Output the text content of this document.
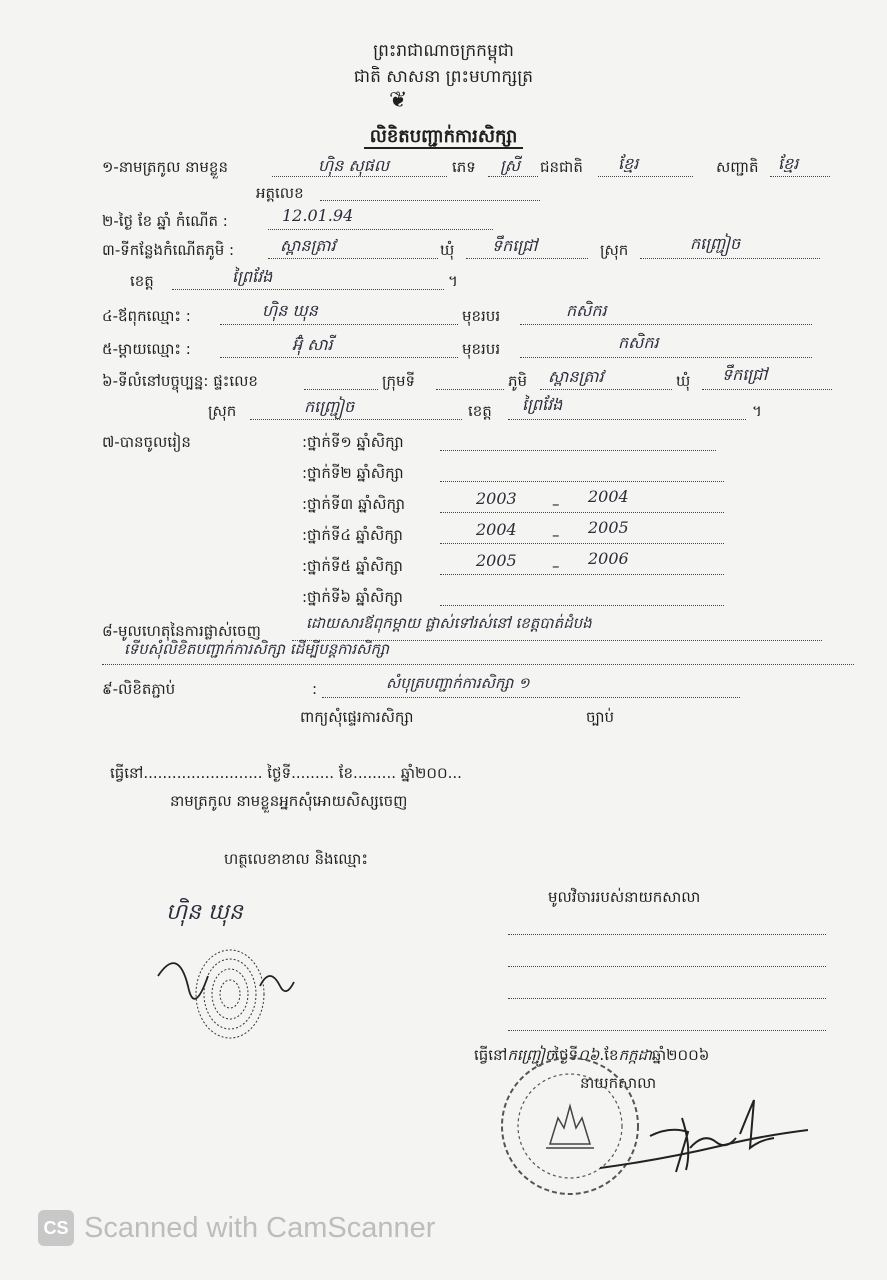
ព្រះរាជាណាចក្រកម្ពុជា
ជាតិ សាសនា ព្រះមហាក្សត្រ
❦
លិខិតបញ្ជាក់ការសិក្សា
១-នាមត្រកូល នាមខ្លួន	ហ៊ិន សុផល	ភេទ ស្រី ជនជាតិ ខ្មែរ	សញ្ជាតិ ខ្មែរ
អត្តលេខ
២-ថ្ងៃ ខែ ឆ្នាំ កំណើត :	12.01.94
៣-ទីកន្លែងកំណើតភូមិ :	ស្ពានត្រាវ	ឃុំ ទឹកជ្រៅ	ស្រុក	កញ្ជ្រៀច
ខេត្ត	ព្រៃវែង	។
៤-ឪពុកឈ្មោះ :	ហ៊ិន ឃុន	មុខរបរ	កសិករ
៥-ម្ដាយឈ្មោះ :	អ៊ុំ សារី	មុខរបរ	កសិករ
៦-ទីលំនៅបច្ចុប្បន្ន: ផ្ទះលេខ	ក្រុមទី	ភូមិ ស្ពានត្រាវ	ឃុំ ទឹកជ្រៅ
ស្រុក	កញ្ជ្រៀច	ខេត្ត ព្រៃវែង	។
៧-បានចូលរៀន	:ថ្នាក់ទី១ ឆ្នាំសិក្សា
:ថ្នាក់ទី២ ឆ្នាំសិក្សា
:ថ្នាក់ទី៣ ឆ្នាំសិក្សា	2003 – 2004
:ថ្នាក់ទី៤ ឆ្នាំសិក្សា	2004 – 2005
:ថ្នាក់ទី៥ ឆ្នាំសិក្សា	2005 – 2006
:ថ្នាក់ទី៦ ឆ្នាំសិក្សា
៨-មូលហេតុនៃការផ្លាស់ចេញ	ដោយសារឪពុកម្ដាយ ផ្លាស់ទៅរស់នៅ ខេត្តបាត់ដំបង
ទើបសុំលិខិតបញ្ជាក់ការសិក្សា ដើម្បីបន្តការសិក្សា
៩-លិខិតភ្ជាប់	:	សំបុត្របញ្ជាក់ការសិក្សា ១
ពាក្យសុំផ្ទេរការសិក្សា	ច្បាប់
ធ្វើនៅ......................... ថ្ងៃទី......... ខែ......... ឆ្នាំ២០០...
នាមត្រកូល នាមខ្លួនអ្នកសុំអោយសិស្សចេញ
ហត្ថលេខាខាល និងឈ្មោះ
ហ៊ិន ឃុន
មូលវិចាររបស់នាយកសាលា
ធ្វើនៅកញ្ជ្រៀចថ្ងៃទី០៦.ខែកក្កដាឆ្នាំ២០០៦
នាយកសាលា
CS Scanned with CamScanner
